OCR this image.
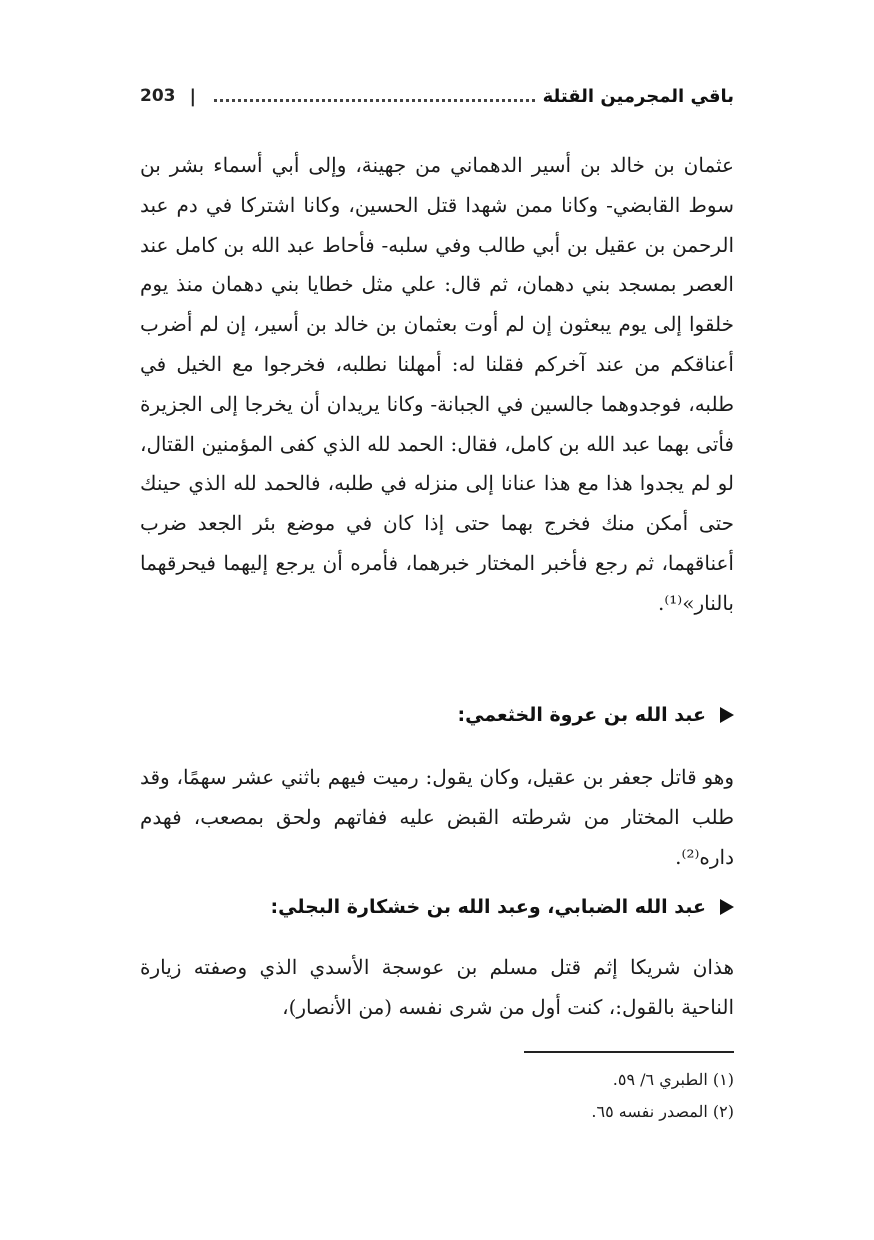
203 |	باقي المجرمين القتلة

عثمان بن خالد بن أسير الدهماني من جهينة، وإلى أبي أسماء بشر بن سوط القابضي- وكانا ممن شهدا قتل الحسين، وكانا اشتركا في دم عبد الرحمن بن عقيل بن أبي طالب وفي سلبه- فأحاط عبد الله بن كامل عند العصر بمسجد بني دهمان، ثم قال: علي مثل خطايا بني دهمان منذ يوم خلقوا إلى يوم يبعثون إن لم أوت بعثمان بن خالد بن أسير، إن لم أضرب أعناقكم من عند آخركم فقلنا له: أمهلنا نطلبه، فخرجوا مع الخيل في طلبه، فوجدوهما جالسين في الجبانة- وكانا يريدان أن يخرجا إلى الجزيرة فأتى بهما عبد الله بن كامل، فقال: الحمد لله الذي كفى المؤمنين القتال، لو لم يجدوا هذا مع هذا عنانا إلى منزله في طلبه، فالحمد لله الذي حينك حتى أمكن منك فخرج بهما حتى إذا كان في موضع بئر الجعد ضرب أعناقهما، ثم رجع فأخبر المختار خبرهما، فأمره أن يرجع إليهما فيحرقهما بالنار»⁽¹⁾.

عبد الله بن عروة الخثعمي:

وهو قاتل جعفر بن عقيل، وكان يقول: رميت فيهم باثني عشر سهمًا، وقد طلب المختار من شرطته القبض عليه ففاتهم ولحق بمصعب، فهدم داره⁽²⁾.

عبد الله الضبابي، وعبد الله بن خشكارة البجلي:

هذان شريكا إثم قتل مسلم بن عوسجة الأسدي الذي وصفته زيارة الناحية بالقول:، كنت أول من شرى نفسه (من الأنصار)،

(١) الطبري ٦/ ٥٩.
(٢) المصدر نفسه ٦٥.
